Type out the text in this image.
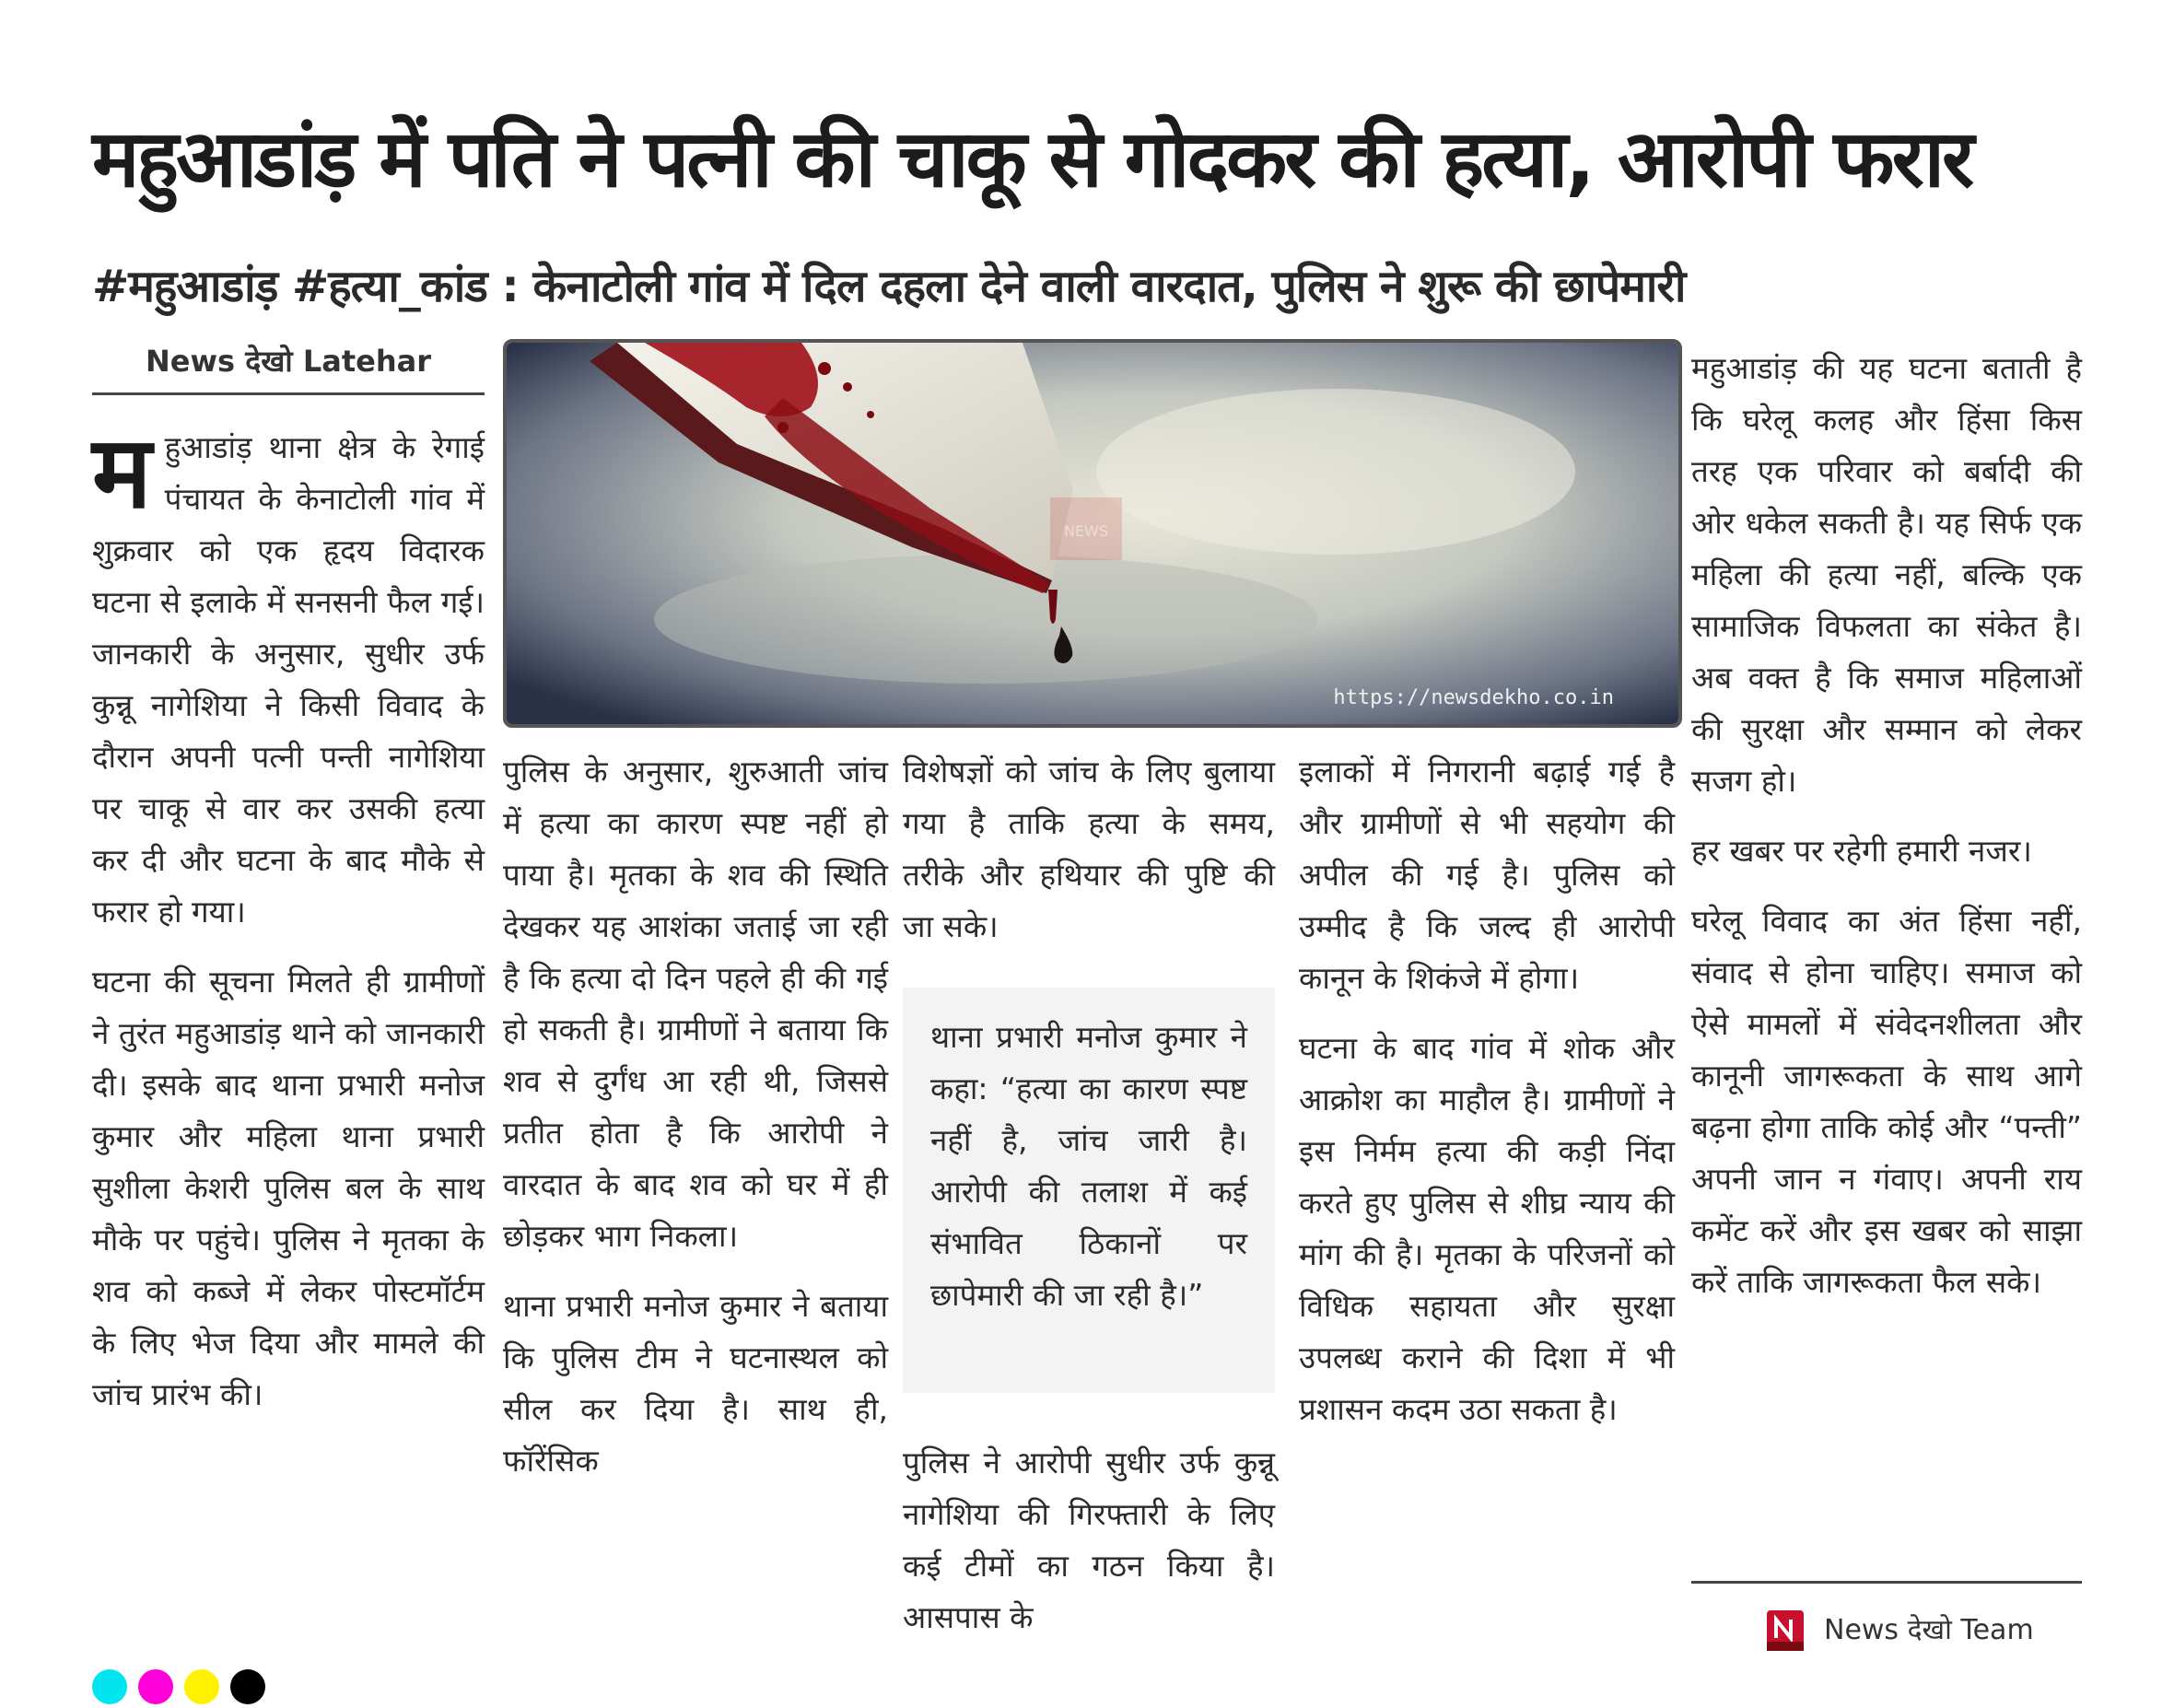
महुआडांड़ में पति ने पत्नी की चाकू से गोदकर की हत्या, आरोपी फरार
#महुआडांड़ #हत्या_कांड : केनाटोली गांव में दिल दहला देने वाली वारदात, पुलिस ने शुरू की छापेमारी
News देखो Latehar

महुआडांड़ थाना क्षेत्र के रेगाई पंचायत के केनाटोली गांव में शुक्रवार को एक हृदय विदारक घटना से इलाके में सनसनी फैल गई। जानकारी के अनुसार, सुधीर उर्फ कुन्नू नागेशिया ने किसी विवाद के दौरान अपनी पत्नी पन्ती नागेशिया पर चाकू से वार कर उसकी हत्या कर दी और घटना के बाद मौके से फरार हो गया।

घटना की सूचना मिलते ही ग्रामीणों ने तुरंत महुआडांड़ थाने को जानकारी दी। इसके बाद थाना प्रभारी मनोज कुमार और महिला थाना प्रभारी सुशीला केशरी पुलिस बल के साथ मौके पर पहुंचे। पुलिस ने मृतका के शव को कब्जे में लेकर पोस्टमॉर्टम के लिए भेज दिया और मामले की जांच प्रारंभ की।

NEWS
https://newsdekho.co.in

पुलिस के अनुसार, शुरुआती जांच में हत्या का कारण स्पष्ट नहीं हो पाया है। मृतका के शव की स्थिति देखकर यह आशंका जताई जा रही है कि हत्या दो दिन पहले ही की गई हो सकती है। ग्रामीणों ने बताया कि शव से दुर्गंध आ रही थी, जिससे प्रतीत होता है कि आरोपी ने वारदात के बाद शव को घर में ही छोड़कर भाग निकला।

थाना प्रभारी मनोज कुमार ने बताया कि पुलिस टीम ने घटनास्थल को सील कर दिया है। साथ ही, फॉरेंसिक

विशेषज्ञों को जांच के लिए बुलाया गया है ताकि हत्या के समय, तरीके और हथियार की पुष्टि की जा सके।

थाना प्रभारी मनोज कुमार ने कहा: “हत्या का कारण स्पष्ट नहीं है, जांच जारी है। आरोपी की तलाश में कई संभावित ठिकानों पर छापेमारी की जा रही है।”

पुलिस ने आरोपी सुधीर उर्फ कुन्नू नागेशिया की गिरफ्तारी के लिए कई टीमों का गठन किया है। आसपास के

इलाकों में निगरानी बढ़ाई गई है और ग्रामीणों से भी सहयोग की अपील की गई है। पुलिस को उम्मीद है कि जल्द ही आरोपी कानून के शिकंजे में होगा।

घटना के बाद गांव में शोक और आक्रोश का माहौल है। ग्रामीणों ने इस निर्मम हत्या की कड़ी निंदा करते हुए पुलिस से शीघ्र न्याय की मांग की है। मृतका के परिजनों को विधिक सहायता और सुरक्षा उपलब्ध कराने की दिशा में भी प्रशासन कदम उठा सकता है।

महुआडांड़ की यह घटना बताती है कि घरेलू कलह और हिंसा किस तरह एक परिवार को बर्बादी की ओर धकेल सकती है। यह सिर्फ एक महिला की हत्या नहीं, बल्कि एक सामाजिक विफलता का संकेत है। अब वक्त है कि समाज महिलाओं की सुरक्षा और सम्मान को लेकर सजग हो।

हर खबर पर रहेगी हमारी नजर।

घरेलू विवाद का अंत हिंसा नहीं, संवाद से होना चाहिए। समाज को ऐसे मामलों में संवेदनशीलता और कानूनी जागरूकता के साथ आगे बढ़ना होगा ताकि कोई और “पन्ती” अपनी जान न गंवाए। अपनी राय कमेंट करें और इस खबर को साझा करें ताकि जागरूकता फैल सके।

News देखो Team
